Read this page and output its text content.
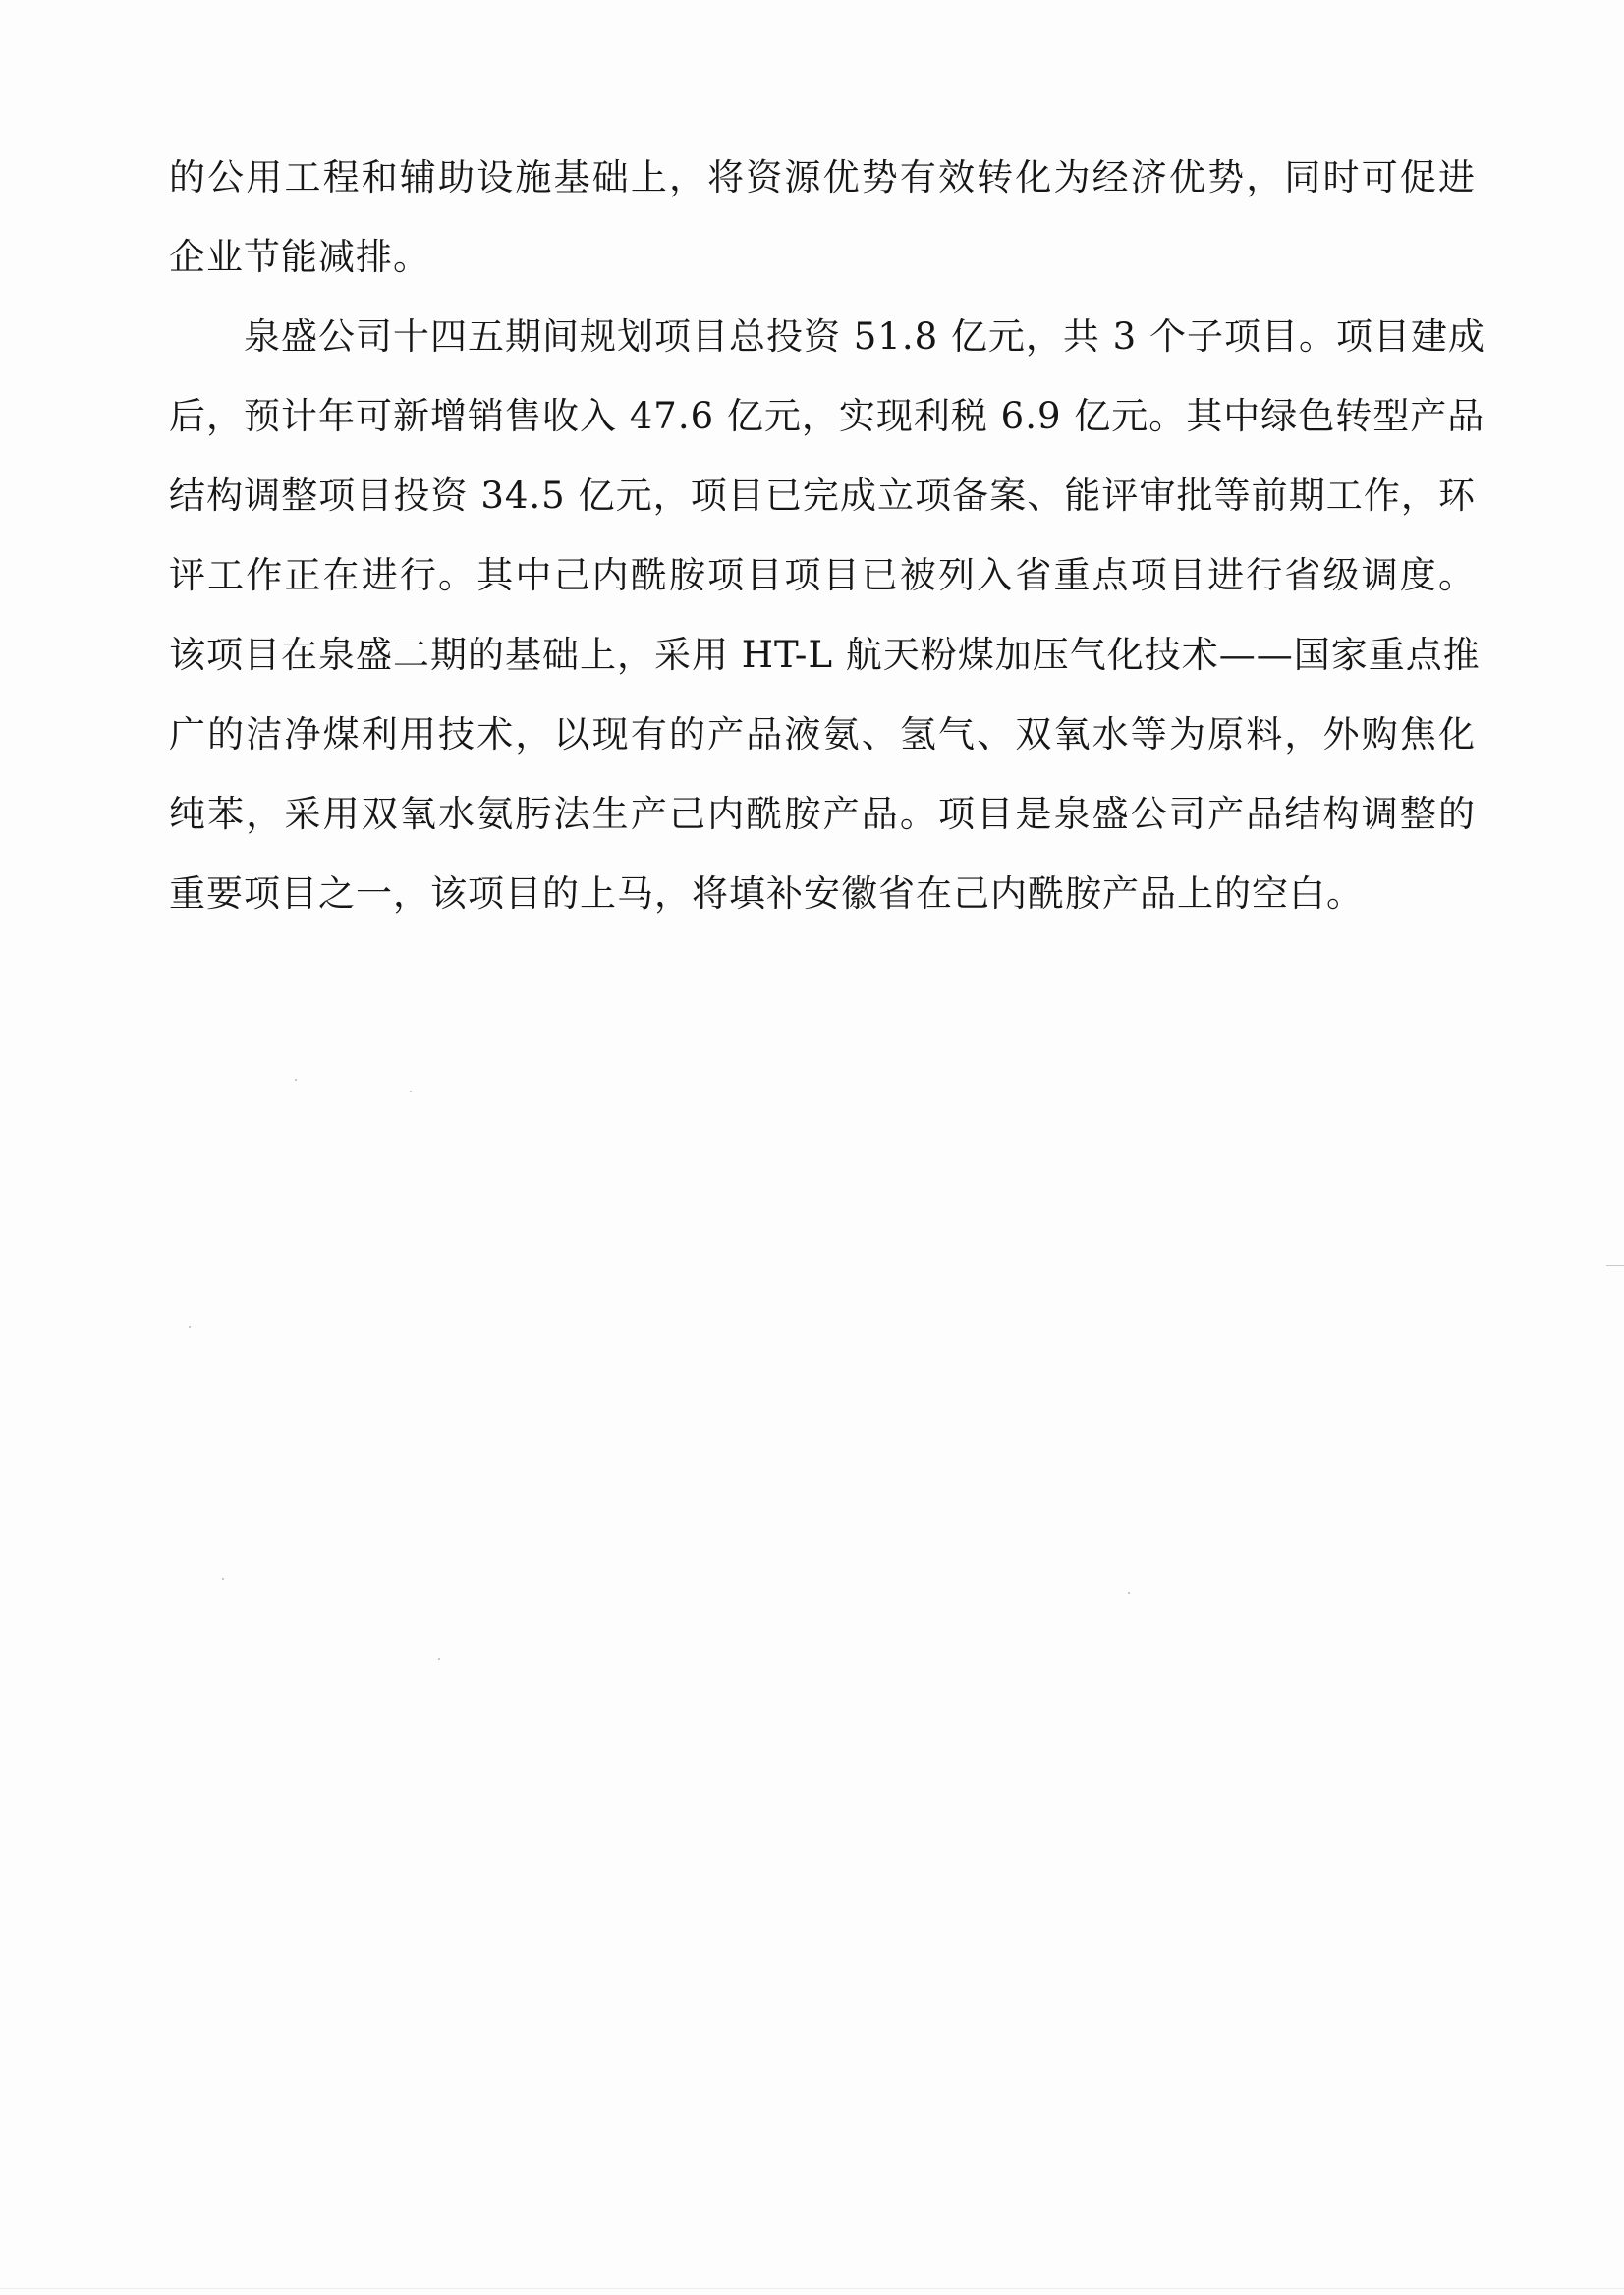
的公用工程和辅助设施基础上，将资源优势有效转化为经济优势，同时可促进
企业节能减排。
泉盛公司十四五期间规划项目总投资 51.8 亿元，共 3 个子项目。项目建成
后，预计年可新增销售收入 47.6 亿元，实现利税 6.9 亿元。其中绿色转型产品
结构调整项目投资 34.5 亿元，项目已完成立项备案、能评审批等前期工作，环
评工作正在进行。其中己内酰胺项目项目已被列入省重点项目进行省级调度。
该项目在泉盛二期的基础上，采用 HT-L 航天粉煤加压气化技术——国家重点推
广的洁净煤利用技术，以现有的产品液氨、氢气、双氧水等为原料，外购焦化
纯苯，采用双氧水氨肟法生产己内酰胺产品。项目是泉盛公司产品结构调整的
重要项目之一，该项目的上马，将填补安徽省在己内酰胺产品上的空白。
